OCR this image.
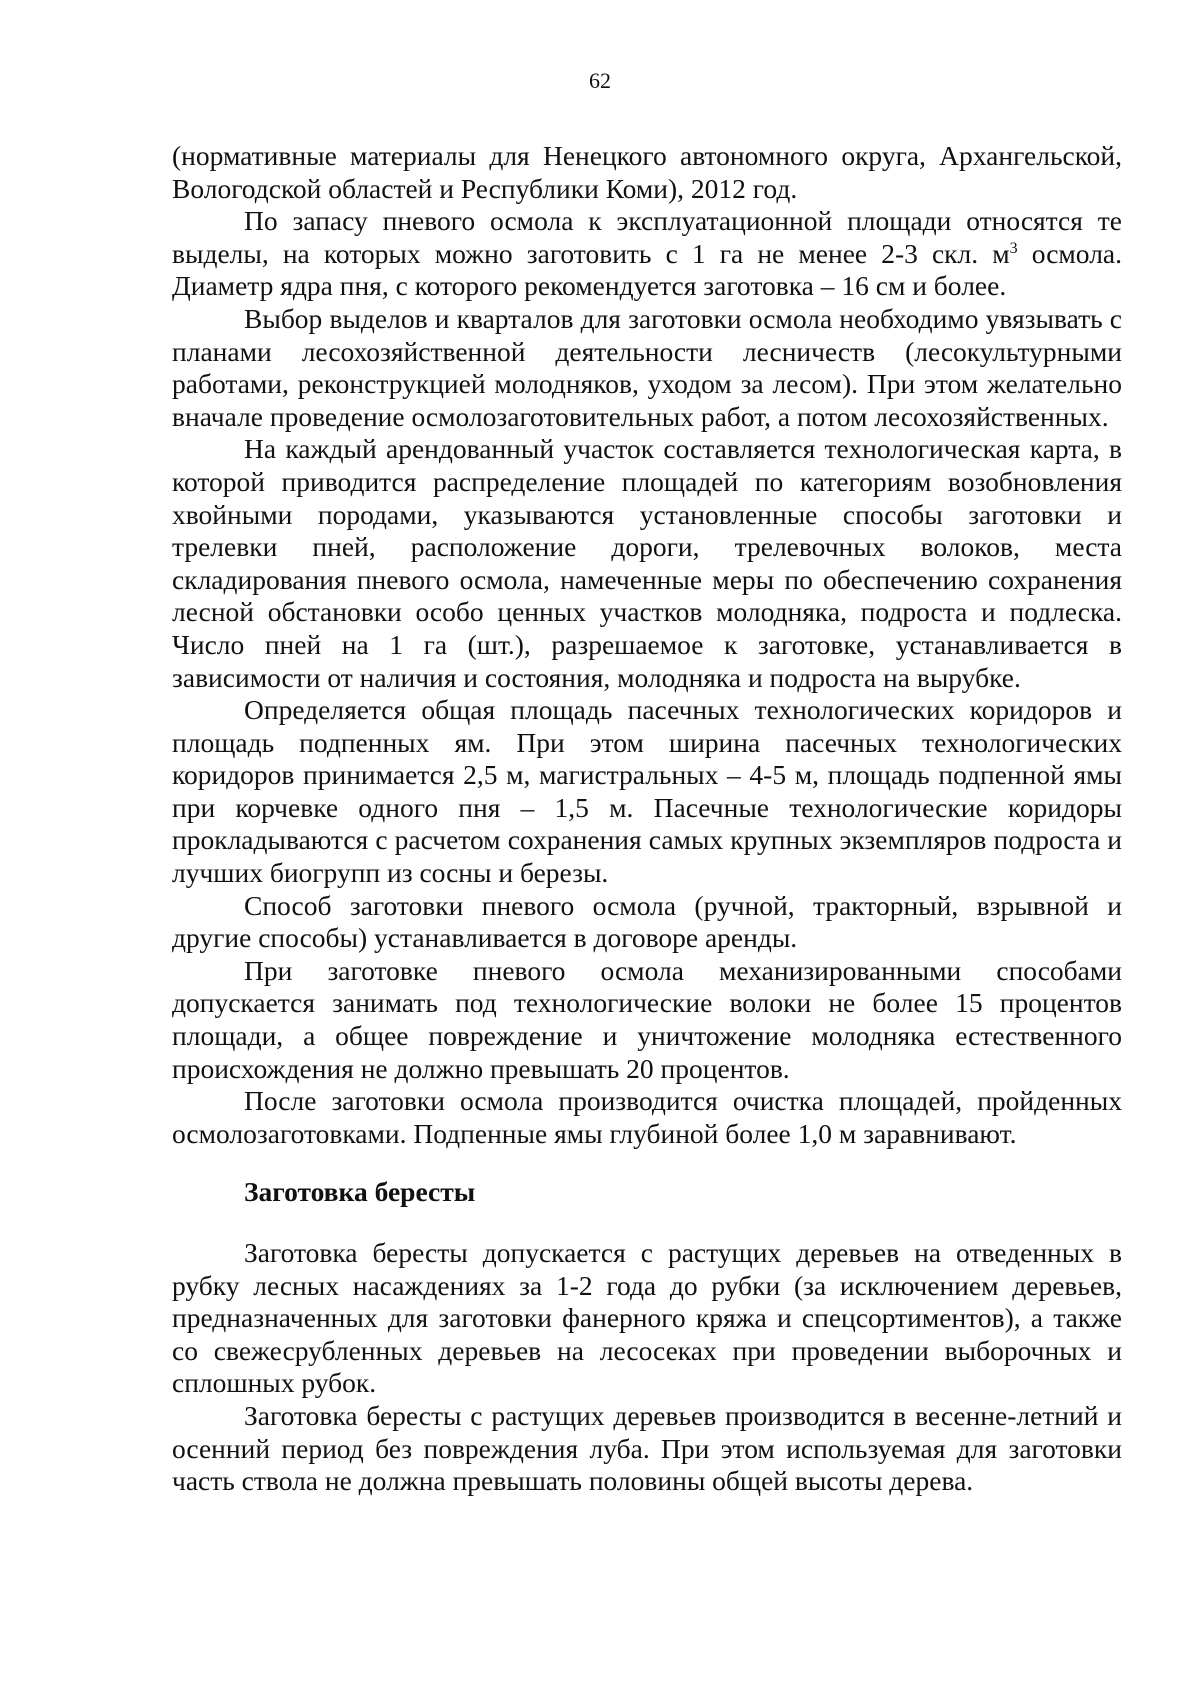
62

(нормативные материалы для Ненецкого автономного округа, Архангельской, Вологодской областей и Республики Коми), 2012 год.

По запасу пневого осмола к эксплуатационной площади относятся те выделы, на которых можно заготовить с 1 га не менее 2-3 скл. $м^3$ осмола. Диаметр ядра пня, с которого рекомендуется заготовка – 16 см и более.

Выбор выделов и кварталов для заготовки осмола необходимо увязывать с планами лесохозяйственной деятельности лесничеств (лесокультурными работами, реконструкцией молодняков, уходом за лесом). При этом желательно вначале проведение осмолозаготовительных работ, а потом лесохозяйственных.

На каждый арендованный участок составляется технологическая карта, в которой приводится распределение площадей по категориям возобновления хвойными породами, указываются установленные способы заготовки и трелевки пней, расположение дороги, трелевочных волоков, места складирования пневого осмола, намеченные меры по обеспечению сохранения лесной обстановки особо ценных участков молодняка, подроста и подлеска. Число пней на 1 га (шт.), разрешаемое к заготовке, устанавливается в зависимости от наличия и состояния, молодняка и подроста на вырубке.

Определяется общая площадь пасечных технологических коридоров и площадь подпенных ям. При этом ширина пасечных технологических коридоров принимается 2,5 м, магистральных – 4-5 м, площадь подпенной ямы при корчевке одного пня – 1,5 м. Пасечные технологические коридоры прокладываются с расчетом сохранения самых крупных экземпляров подроста и лучших биогрупп из сосны и березы.

Способ заготовки пневого осмола (ручной, тракторный, взрывной и другие способы) устанавливается в договоре аренды.

При заготовке пневого осмола механизированными способами допускается занимать под технологические волоки не более 15 процентов площади, а общее повреждение и уничтожение молодняка естественного происхождения не должно превышать 20 процентов.

После заготовки осмола производится очистка площадей, пройденных осмолозаготовками. Подпенные ямы глубиной более 1,0 м заравнивают.

Заготовка бересты

Заготовка бересты допускается с растущих деревьев на отведенных в рубку лесных насаждениях за 1-2 года до рубки (за исключением деревьев, предназначенных для заготовки фанерного кряжа и спецсортиментов), а также со свежесрубленных деревьев на лесосеках при проведении выборочных и сплошных рубок.

Заготовка бересты с растущих деревьев производится в весенне-летний и осенний период без повреждения луба. При этом используемая для заготовки часть ствола не должна превышать половины общей высоты дерева.
